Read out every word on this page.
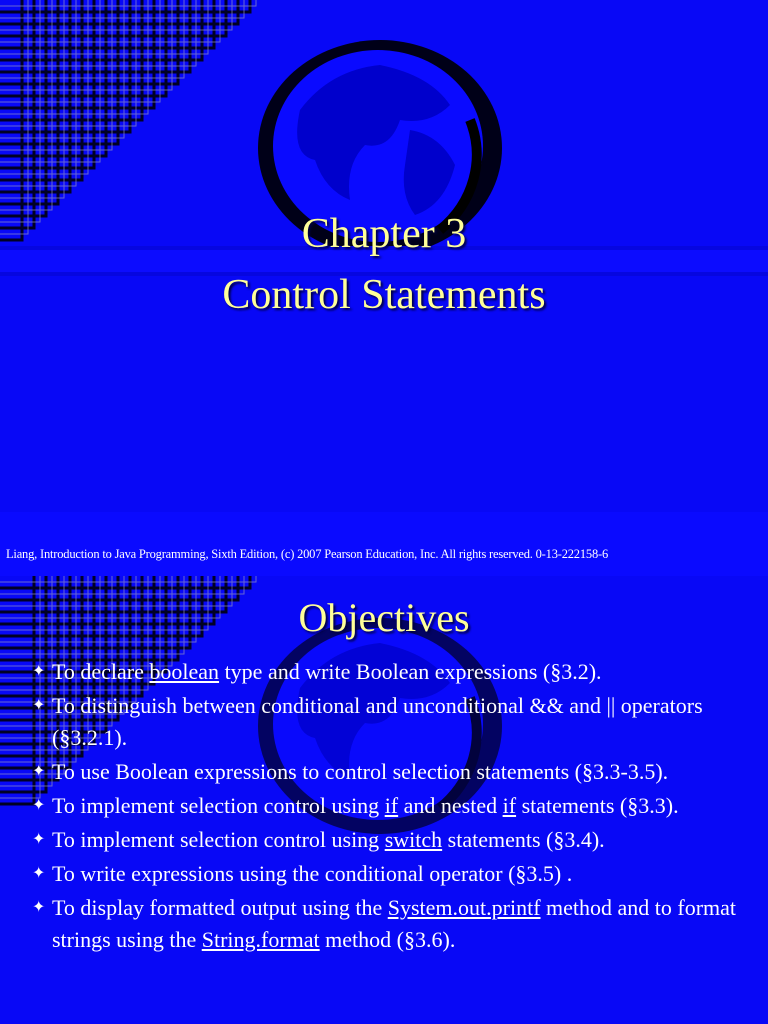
Chapter 3
Control Statements
Liang, Introduction to Java Programming, Sixth Edition, (c) 2007 Pearson Education, Inc. All rights reserved. 0-13-222158-6
Objectives
✦ To declare boolean type and write Boolean expressions (§3.2).
✦ To distinguish between conditional and unconditional && and || operators (§3.2.1).
✦ To use Boolean expressions to control selection statements (§3.3-3.5).
✦ To implement selection control using if and nested if statements (§3.3).
✦ To implement selection control using switch statements (§3.4).
✦ To write expressions using the conditional operator (§3.5) .
✦ To display formatted output using the System.out.printf method and to format strings using the String.format method (§3.6).
